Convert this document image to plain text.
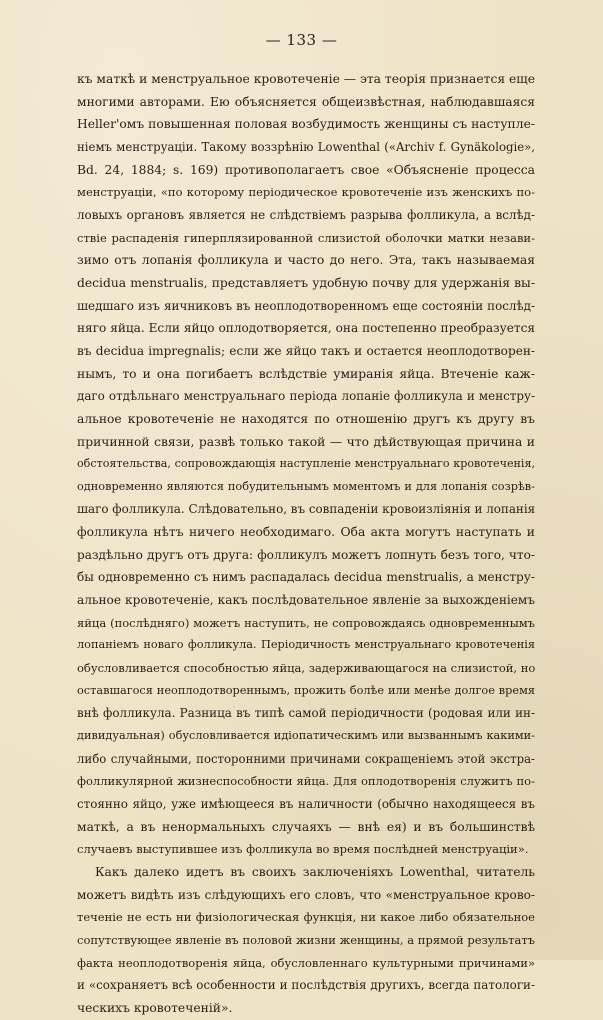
— 133 —
къ маткѣ и менструальное кровотеченіе — эта теорія признается еще
многими авторами. Ею объясняется общеизвѣстная, наблюдавшаяся
Heller'омъ повышенная половая возбудимость женщины съ наступле-
ніемъ менструаціи. Такому воззрѣнію Lowenthal («Archiv f. Gynäkologie»,
Bd. 24, 1884; s. 169) противополагаетъ свое «Объясненіе процесса
менструаціи, «по которому періодическое кровотеченіе изъ женскихъ по-
ловыхъ органовъ является не слѣдствіемъ разрыва фолликула, а вслѣд-
ствіе распаденія гиперплязированной слизистой оболочки матки незави-
зимо отъ лопанія фолликула и часто до него. Эта, такъ называемая
decidua menstrualis, представляетъ удобную почву для удержанія вы-
шедшаго изъ яичниковъ въ неоплодотворенномъ еще состояніи послѣд-
няго яйца. Если яйцо оплодотворяется, она постепенно преобразуется
въ decidua impregnalis; если же яйцо такъ и остается неоплодотворен-
нымъ, то и она погибаетъ вслѣдствіе умиранія яйца. Втеченіе каж-
даго отдѣльнаго менструальнаго періода лопаніе фолликула и менстру-
альное кровотеченіе не находятся по отношенію другъ къ другу въ
причинной связи, развѣ только такой — что дѣйствующая причина и
обстоятельства, сопровождающія наступленіе менструальнаго кровотеченія,
одновременно являются побудительнымъ моментомъ и для лопанія созрѣв-
шаго фолликула. Слѣдовательно, въ совпаденіи кровоизліянія и лопанія
фолликула нѣтъ ничего необходимаго. Оба акта могутъ наступать и
раздѣльно другъ отъ друга: фолликулъ можетъ лопнуть безъ того, что-
бы одновременно съ нимъ распадалась decidua menstrualis, а менстру-
альное кровотеченіе, какъ послѣдовательное явленіе за выхожденіемъ
яйца (послѣдняго) можетъ наступить, не сопровождаясь одновременнымъ
лопаніемъ новаго фолликула. Періодичность менструальнаго кровотеченія
обусловливается способностью яйца, задерживающагося на слизистой, но
оставшагося неоплодотвореннымъ, прожить болѣе или менѣе долгое время
внѣ фолликула. Разница въ типѣ самой періодичности (родовая или ин-
дивидуальная) обусловливается идіопатическимъ или вызваннымъ какими-
либо случайными, посторонними причинами сокращеніемъ этой экстра-
фолликулярной жизнеспособности яйца. Для оплодотворенія служитъ по-
стоянно яйцо, уже имѣющееся въ наличности (обычно находящееся въ
маткѣ, а въ ненормальныхъ случаяхъ — внѣ ея) и въ большинствѣ
случаевъ выступившее изъ фолликула во время послѣдней менструаціи».
Какъ далеко идетъ въ своихъ заключеніяхъ Lowenthal, читатель
можетъ видѣть изъ слѣдующихъ его словъ, что «менструальное крово-
теченіе не есть ни физіологическая функція, ни какое либо обязательное
сопутствующее явленіе въ половой жизни женщины, а прямой результатъ
факта неоплодотворенія яйца, обусловленнаго культурными причинами»
и «сохраняетъ всѣ особенности и послѣдствія другихъ, всегда патологи-
ческихъ кровотеченій».
